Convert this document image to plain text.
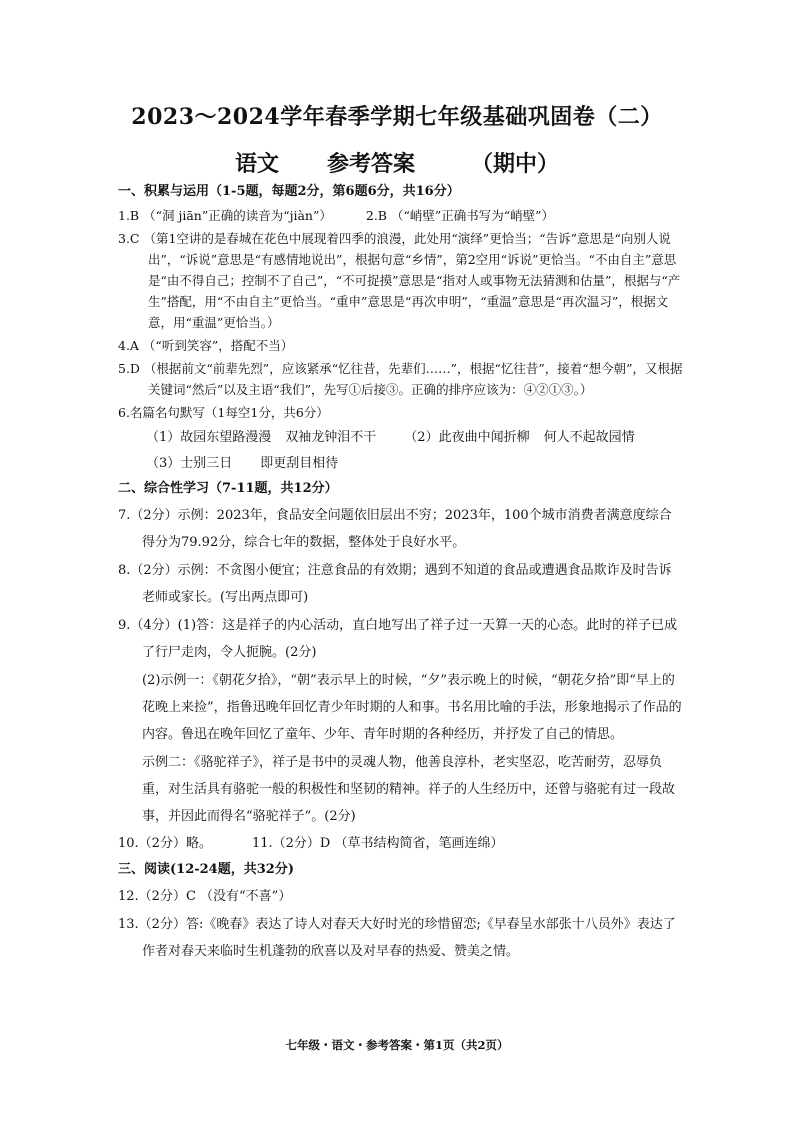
2023～2024学年春季学期七年级基础巩固卷（二）
语文 参考答案	（期中）
一、积累与运用（1-5题，每题2分，第6题6分，共16分）
1.B （“洞 jiān”正确的读音为“jiàn”）	2.B （“峭壁”正确书写为“峭壁”）
3.C （第1空讲的是春城在花色中展现着四季的浪漫，此处用“演绎”更恰当；“告诉”意思是“向别人说出”，“诉说”意思是“有感情地说出”，根据句意“乡情”，第2空用“诉说”更恰当。“不由自主”意思是“由不得自己；控制不了自己”，“不可捉摸”意思是“指对人或事物无法猜测和估量”，根据与“产生”搭配，用“不由自主”更恰当。“重申”意思是“再次申明”，“重温”意思是“再次温习”，根据文意，用“重温”更恰当。）
4.A （“听到笑容”，搭配不当）
5.D （根据前文“前辈先烈”，应该紧承“忆往昔，先辈们……”，根据“忆往昔”，接着“想今朝”，又根据关键词“然后”以及主语“我们”，先写①后接③。正确的排序应该为：④②①③。）
6.名篇名句默写（1每空1分，共6分）
（1）故园东望路漫漫 双袖龙钟泪不干 （2）此夜曲中闻折柳 何人不起故园情
（3）士别三日 即更刮目相待
二、综合性学习（7-11题，共12分）
7.（2分）示例：2023年，食品安全问题依旧层出不穷；2023年，100个城市消费者满意度综合得分为79.92分，综合七年的数据，整体处于良好水平。
8.（2分）示例：不贪图小便宜；注意食品的有效期；遇到不知道的食品或遭遇食品欺诈及时告诉老师或家长。(写出两点即可)
9.（4分）(1)答：这是祥子的内心活动，直白地写出了祥子过一天算一天的心态。此时的祥子已成了行尸走肉，令人扼腕。(2分)
(2)示例一：《朝花夕拾》，“朝”表示早上的时候，“夕”表示晚上的时候，“朝花夕拾”即“早上的花晚上来捡”，指鲁迅晚年回忆青少年时期的人和事。书名用比喻的手法，形象地揭示了作品的内容。鲁迅在晚年回忆了童年、少年、青年时期的各种经历，并抒发了自己的情思。
示例二：《骆驼祥子》，祥子是书中的灵魂人物，他善良淳朴，老实坚忍，吃苦耐劳，忍辱负重，对生活具有骆驼一般的积极性和坚韧的精神。祥子的人生经历中，还曾与骆驼有过一段故事，并因此而得名“骆驼祥子”。(2分)
10.（2分）略。	11.（2分）D （草书结构简省，笔画连绵）
三、阅读(12-24题，共32分)
12.（2分）C （没有“不喜”）
13.（2分）答:《晚春》表达了诗人对春天大好时光的珍惜留恋;《早春呈水部张十八员外》表达了作者对春天来临时生机蓬勃的欣喜以及对早春的热爱、赞美之情。
七年级・语文・参考答案・第1页（共2页）
